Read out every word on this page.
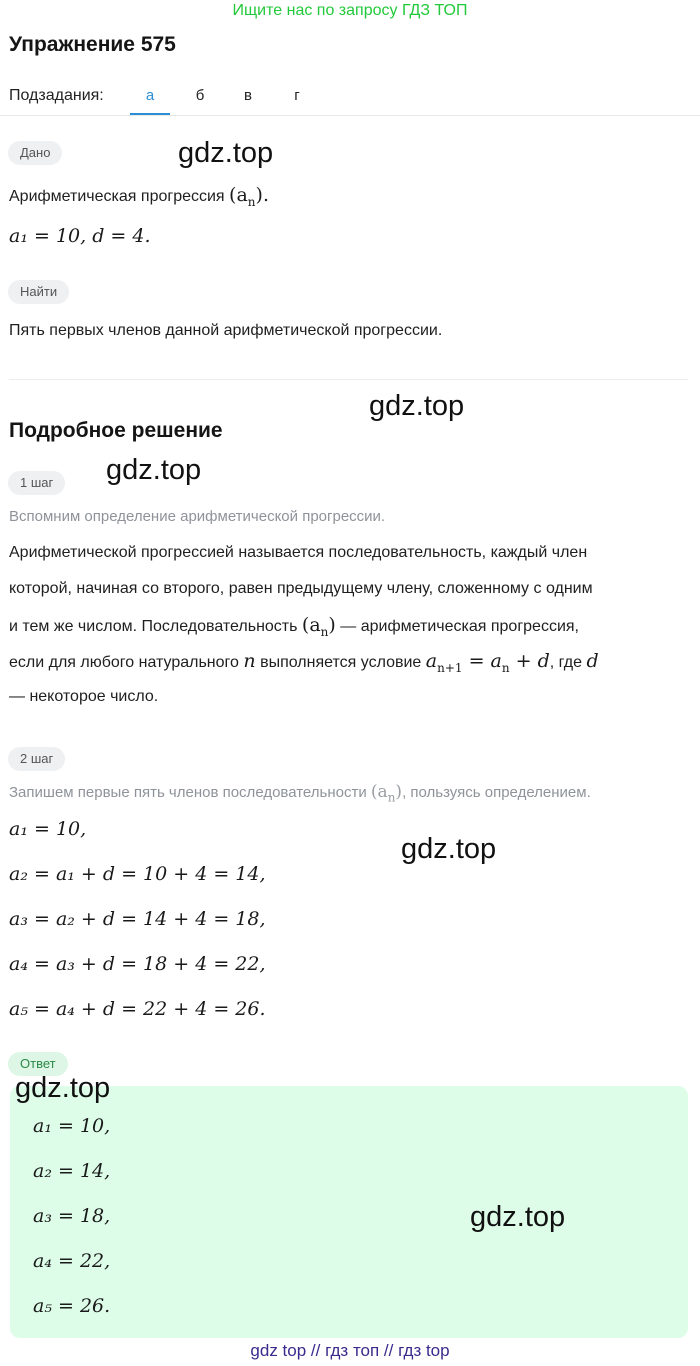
Ищите нас по запросу ГДЗ ТОП
Упражнение 575
Подзадания:	а	б	в	г
Дано
Арифметическая прогрессия $(a_n)$.
a₁ = 10, d = 4.
Найти
Пять первых членов данной арифметической прогрессии.
Подробное решение
1 шаг
Вспомним определение арифметической прогрессии.
Арифметической прогрессией называется последовательность, каждый член
которой, начиная со второго, равен предыдущему члену, сложенному с одним
и тем же числом. Последовательность $(a_n)$ — арифметическая прогрессия,
если для любого натурального n выполняется условие $a_{n+1} = a_n + d$, где d
— некоторое число.
2 шаг
Запишем первые пять членов последовательности $(a_n)$, пользуясь определением.
a₁ = 10,
a₂ = a₁ + d = 10 + 4 = 14,
a₃ = a₂ + d = 14 + 4 = 18,
a₄ = a₃ + d = 18 + 4 = 22,
a₅ = a₄ + d = 22 + 4 = 26.
Ответ
a₁ = 10,
a₂ = 14,
a₃ = 18,
a₄ = 22,
a₅ = 26.
gdz.top
gdz.top
gdz.top
gdz.top
gdz.top
gdz.top
gdz top // гдз топ // гдз top
